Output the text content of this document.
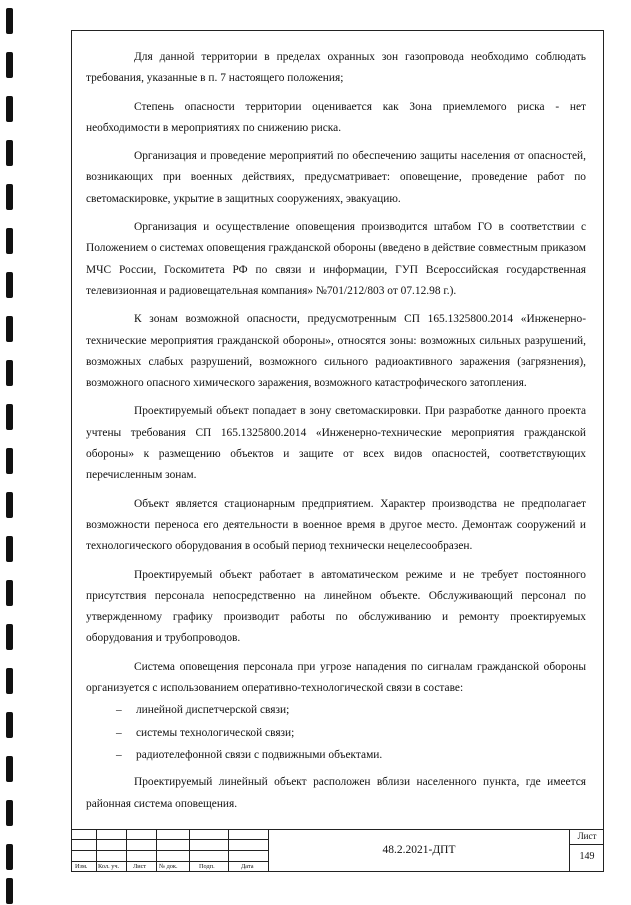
Для данной территории в пределах охранных зон газопровода необходимо соблюдать требования, указанные в п. 7 настоящего положения;

Степень опасности территории оценивается как Зона приемлемого риска - нет необходимости в мероприятиях по снижению риска.

Организация и проведение мероприятий по обеспечению защиты населения от опасностей, возникающих при военных действиях, предусматривает: оповещение, проведение работ по светомаскировке, укрытие в защитных сооружениях, эвакуацию.

Организация и осуществление оповещения производится штабом ГО в соответствии с Положением о системах оповещения гражданской обороны (введено в действие совместным приказом МЧС России, Госкомитета РФ по связи и информации, ГУП Всероссийская государственная телевизионная и радиовещательная компания» №701/212/803 от 07.12.98 г.).

К зонам возможной опасности, предусмотренным СП 165.1325800.2014 «Инженерно-технические мероприятия гражданской обороны», относятся зоны: возможных сильных разрушений, возможных слабых разрушений, возможного сильного радиоактивного заражения (загрязнения), возможного опасного химического заражения, возможного катастрофического затопления.

Проектируемый объект попадает в зону светомаскировки. При разработке данного проекта учтены требования СП 165.1325800.2014 «Инженерно-технические мероприятия гражданской обороны» к размещению объектов и защите от всех видов опасностей, соответствующих перечисленным зонам.

Объект является стационарным предприятием. Характер производства не предполагает возможности переноса его деятельности в военное время в другое место. Демонтаж сооружений и технологического оборудования в особый период технически нецелесообразен.

Проектируемый объект работает в автоматическом режиме и не требует постоянного присутствия персонала непосредственно на линейном объекте. Обслуживающий персонал по утвержденному графику производит работы по обслуживанию и ремонту проектируемых оборудования и трубопроводов.

Система оповещения персонала при угрозе нападения по сигналам гражданской обороны организуется с использованием оперативно-технологической связи в составе:

– линейной диспетчерской связи;
– системы технологической связи;
– радиотелефонной связи с подвижными объектами.

Проектируемый линейный объект расположен вблизи населенного пункта, где имеется районная система оповещения.

Изм. Кол. уч. Лист № док.	Подп.	Дата
48.2.2021-ДПТ
Лист
149
